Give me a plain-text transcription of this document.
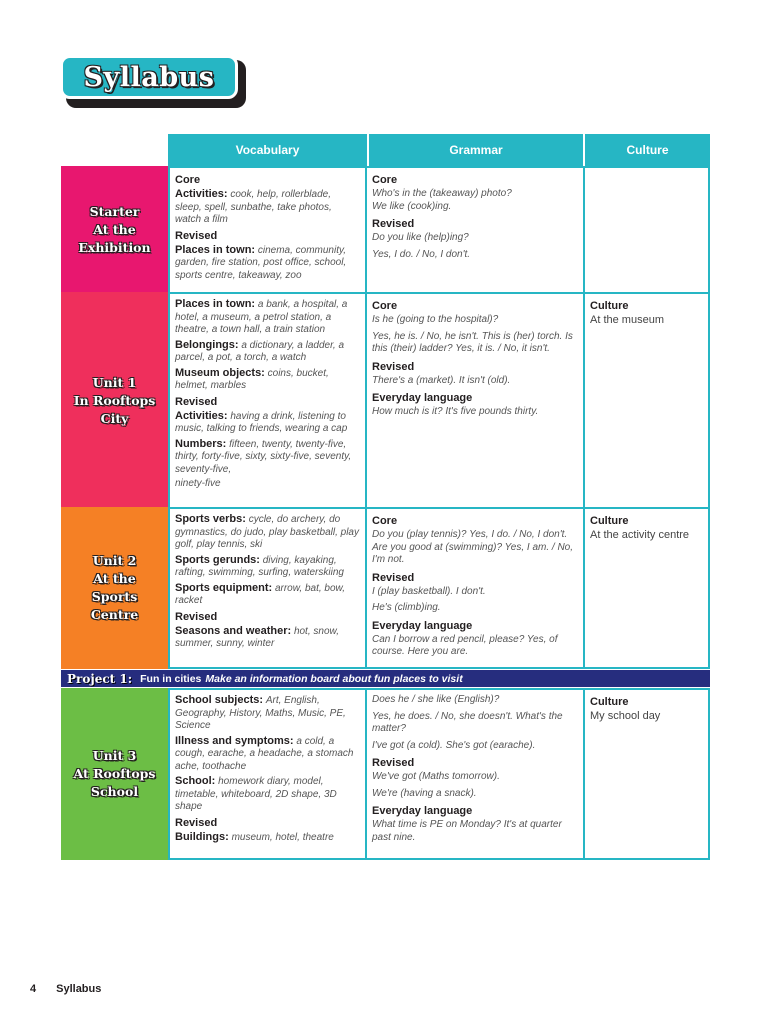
Syllabus
Vocabulary	Grammar	Culture
Starter
At the
Exhibition
Core
Activities: cook, help, rollerblade, sleep, spell, sunbathe, take photos, watch a film
Revised
Places in town: cinema, community, garden, fire station, post office, school, sports centre, takeaway, zoo
Core
Who's in the (takeaway) photo?
We like (cook)ing.
Revised
Do you like (help)ing?
Yes, I do. / No, I don't.
Unit 1
In Rooftops
City
Places in town: a bank, a hospital, a hotel, a museum, a petrol station, a theatre, a town hall, a train station
Belongings: a dictionary, a ladder, a parcel, a pot, a torch, a watch
Museum objects: coins, bucket, helmet, marbles
Revised
Activities: having a drink, listening to music, talking to friends, wearing a cap
Numbers: fifteen, twenty, twenty-five, thirty, forty-five, sixty, sixty-five, seventy, seventy-five,
ninety-five
Core
Is he (going to the hospital)?
Yes, he is. / No, he isn't. This is (her) torch. Is this (their) ladder? Yes, it is. / No, it isn't.
Revised
There's a (market). It isn't (old).
Everyday language
How much is it? It's five pounds thirty.
Culture
At the museum
Unit 2
At the
Sports
Centre
Sports verbs: cycle, do archery, do gymnastics, do judo, play basketball, play golf, play tennis, ski
Sports gerunds: diving, kayaking, rafting, swimming, surfing, waterskiing
Sports equipment: arrow, bat, bow, racket
Revised
Seasons and weather: hot, snow, summer, sunny, winter
Core
Do you (play tennis)? Yes, I do. / No, I don't. Are you good at (swimming)? Yes, I am. / No, I'm not.
Revised
I (play basketball). I don't.
He's (climb)ing.
Everyday language
Can I borrow a red pencil, please? Yes, of course. Here you are.
Culture
At the activity centre
Project 1: Fun in cities Make an information board about fun places to visit
Unit 3
At Rooftops
School
School subjects: Art, English, Geography, History, Maths, Music, PE, Science
Illness and symptoms: a cold, a cough, earache, a headache, a stomach ache, toothache
School: homework diary, model, timetable, whiteboard, 2D shape, 3D shape
Revised
Buildings: museum, hotel, theatre
Does he / she like (English)?
Yes, he does. / No, she doesn't. What's the matter?
I've got (a cold). She's got (earache).
Revised
We've got (Maths tomorrow).
We're (having a snack).
Everyday language
What time is PE on Monday? It's at quarter past nine.
Culture
My school day
4 Syllabus
